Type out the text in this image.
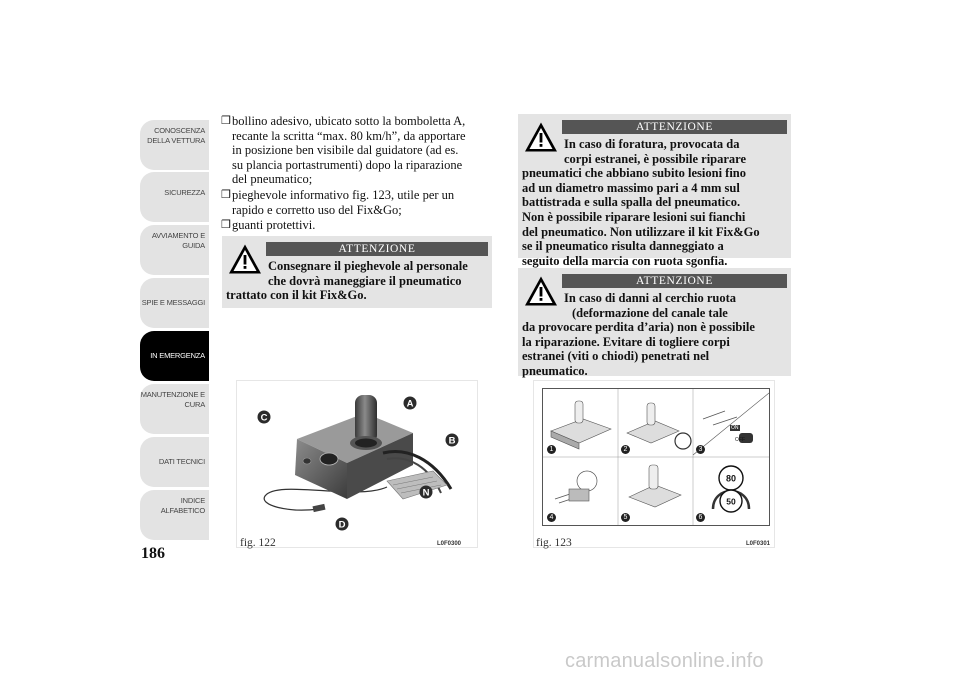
CONOSCENZA
DELLA VETTURA
SICUREZZA
AVVIAMENTO E
GUIDA
SPIE E MESSAGGI
IN EMERGENZA
MANUTENZIONE E
CURA
DATI TECNICI
INDICE
ALFABETICO
186
❒ bollino adesivo, ubicato sotto la bomboletta A,
recante la scritta “max. 80 km/h”, da apportare
in posizione ben visibile dal guidatore (ad es.
su plancia portastrumenti) dopo la riparazione
del pneumatico;
❒ pieghevole informativo fig. 123, utile per un
rapido e corretto uso del Fix&Go;
❒ guanti protettivi.
ATTENZIONE
Consegnare il pieghevole al personale
che dovrà maneggiare il pneumatico
trattato con il kit Fix&Go.
ATTENZIONE
In caso di foratura, provocata da
corpi estranei, è possibile riparare
pneumatici che abbiano subito lesioni fino
ad un diametro massimo pari a 4 mm sul
battistrada e sulla spalla del pneumatico.
Non è possibile riparare lesioni sui fianchi
del pneumatico. Non utilizzare il kit Fix&Go
se il pneumatico risulta danneggiato a
seguito della marcia con ruota sgonfia.
ATTENZIONE
In caso di danni al cerchio ruota
(deformazione del canale tale
da provocare perdita d’aria) non è possibile
la riparazione. Evitare di togliere corpi
estranei (viti o chiodi) penetrati nel
pneumatico.
A
B
C
D
N
fig. 122	L0F0300
80
50
ON
OFF
1	2	3
4	5	6
fig. 123	L0F0301
carmanualsonline.info
